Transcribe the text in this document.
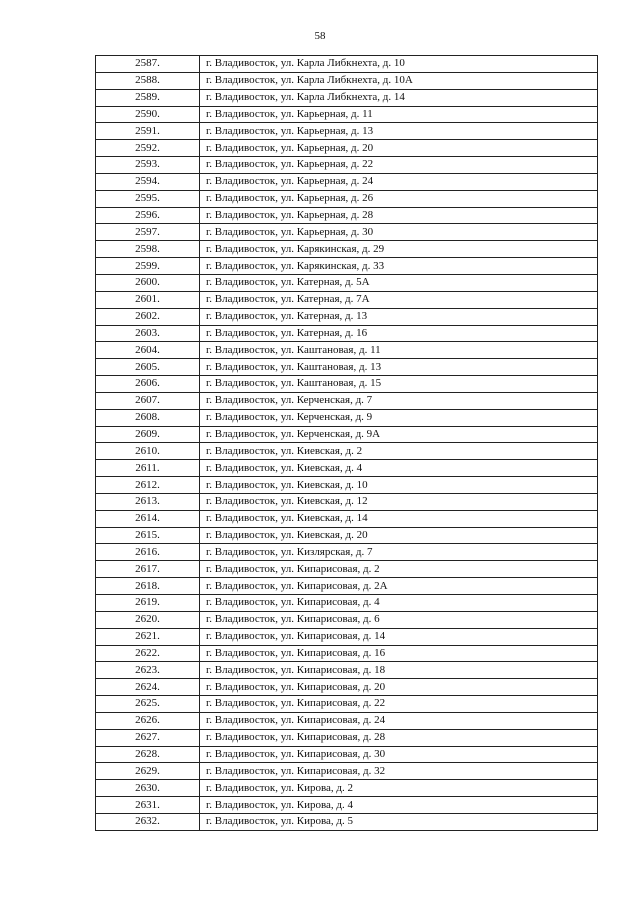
58
2587.	г. Владивосток, ул. Карла Либкнехта, д. 10
2588.	г. Владивосток, ул. Карла Либкнехта, д. 10А
2589.	г. Владивосток, ул. Карла Либкнехта, д. 14
2590.	г. Владивосток, ул. Карьерная, д. 11
2591.	г. Владивосток, ул. Карьерная, д. 13
2592.	г. Владивосток, ул. Карьерная, д. 20
2593.	г. Владивосток, ул. Карьерная, д. 22
2594.	г. Владивосток, ул. Карьерная, д. 24
2595.	г. Владивосток, ул. Карьерная, д. 26
2596.	г. Владивосток, ул. Карьерная, д. 28
2597.	г. Владивосток, ул. Карьерная, д. 30
2598.	г. Владивосток, ул. Карякинская, д. 29
2599.	г. Владивосток, ул. Карякинская, д. 33
2600.	г. Владивосток, ул. Катерная, д. 5А
2601.	г. Владивосток, ул. Катерная, д. 7А
2602.	г. Владивосток, ул. Катерная, д. 13
2603.	г. Владивосток, ул. Катерная, д. 16
2604.	г. Владивосток, ул. Каштановая, д. 11
2605.	г. Владивосток, ул. Каштановая, д. 13
2606.	г. Владивосток, ул. Каштановая, д. 15
2607.	г. Владивосток, ул. Керченская, д. 7
2608.	г. Владивосток, ул. Керченская, д. 9
2609.	г. Владивосток, ул. Керченская, д. 9А
2610.	г. Владивосток, ул. Киевская, д. 2
2611.	г. Владивосток, ул. Киевская, д. 4
2612.	г. Владивосток, ул. Киевская, д. 10
2613.	г. Владивосток, ул. Киевская, д. 12
2614.	г. Владивосток, ул. Киевская, д. 14
2615.	г. Владивосток, ул. Киевская, д. 20
2616.	г. Владивосток, ул. Кизлярская, д. 7
2617.	г. Владивосток, ул. Кипарисовая, д. 2
2618.	г. Владивосток, ул. Кипарисовая, д. 2А
2619.	г. Владивосток, ул. Кипарисовая, д. 4
2620.	г. Владивосток, ул. Кипарисовая, д. 6
2621.	г. Владивосток, ул. Кипарисовая, д. 14
2622.	г. Владивосток, ул. Кипарисовая, д. 16
2623.	г. Владивосток, ул. Кипарисовая, д. 18
2624.	г. Владивосток, ул. Кипарисовая, д. 20
2625.	г. Владивосток, ул. Кипарисовая, д. 22
2626.	г. Владивосток, ул. Кипарисовая, д. 24
2627.	г. Владивосток, ул. Кипарисовая, д. 28
2628.	г. Владивосток, ул. Кипарисовая, д. 30
2629.	г. Владивосток, ул. Кипарисовая, д. 32
2630.	г. Владивосток, ул. Кирова, д. 2
2631.	г. Владивосток, ул. Кирова, д. 4
2632.	г. Владивосток, ул. Кирова, д. 5
